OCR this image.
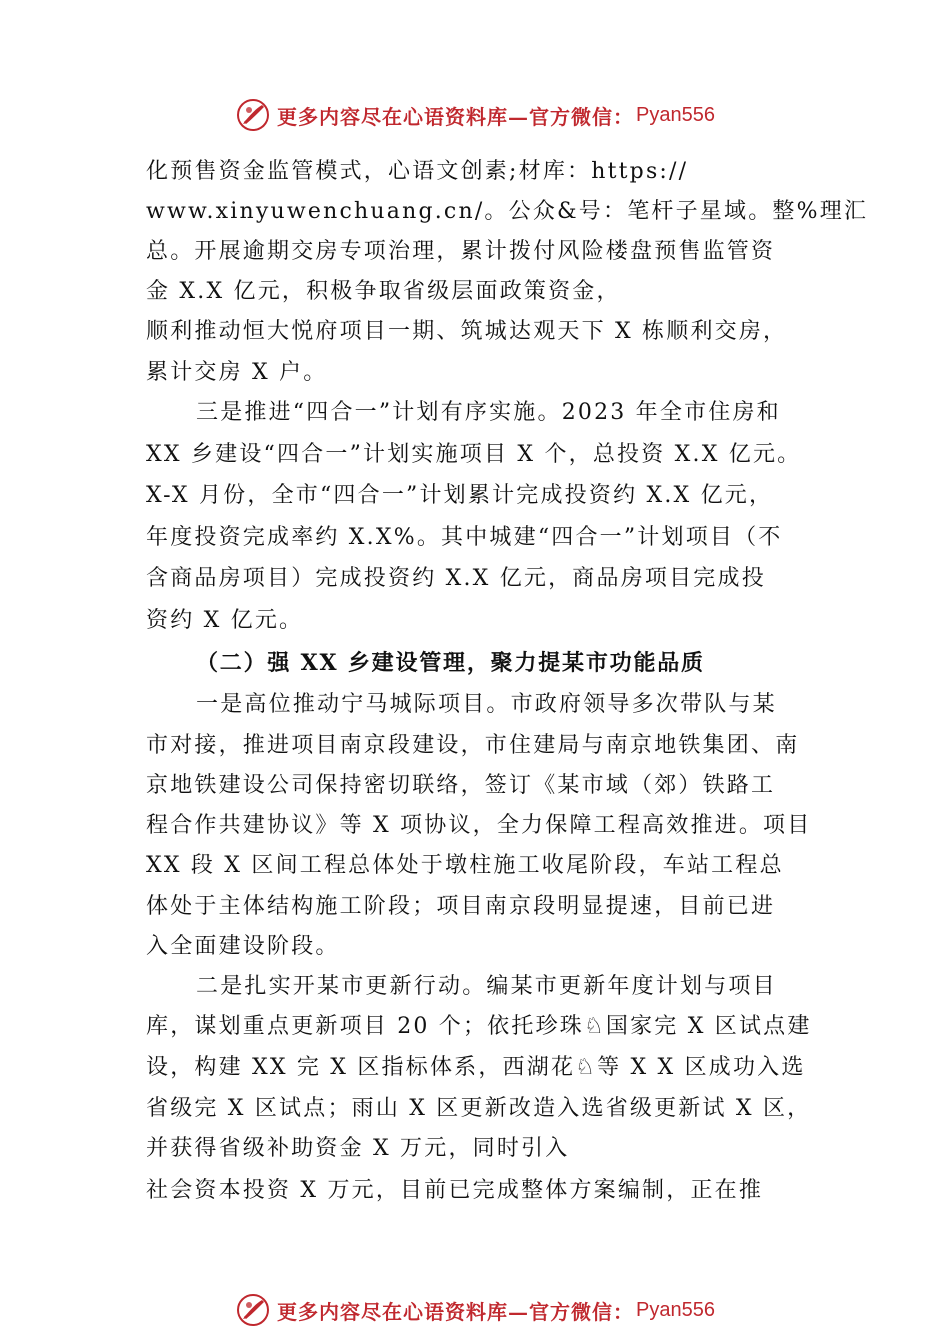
更多内容尽在心语资料库—官方微信： Pyan556
化预售资金监管模式，心语文创素;材库：https://
www.xinyuwenchuang.cn/。公众&号：笔杆子星域。整%理汇
总。开展逾期交房专项治理，累计拨付风险楼盘预售监管资
金 X.X 亿元，积极争取省级层面政策资金，
顺利推动恒大悦府项目一期、筑城达观天下 X 栋顺利交房，
累计交房 X 户。
三是推进“四合一”计划有序实施。2023 年全市住房和
XX 乡建设“四合一”计划实施项目 X 个，总投资 X.X 亿元。
X-X 月份，全市“四合一”计划累计完成投资约 X.X 亿元，
年度投资完成率约 X.X%。其中城建“四合一”计划项目（不
含商品房项目）完成投资约 X.X 亿元，商品房项目完成投
资约 X 亿元。
（二）强 XX 乡建设管理，聚力提某市功能品质
一是高位推动宁马城际项目。市政府领导多次带队与某
市对接，推进项目南京段建设，市住建局与南京地铁集团、南
京地铁建设公司保持密切联络，签订《某市域（郊）铁路工
程合作共建协议》等 X 项协议，全力保障工程高效推进。项目
XX 段 X 区间工程总体处于墩柱施工收尾阶段，车站工程总
体处于主体结构施工阶段；项目南京段明显提速，目前已进
入全面建设阶段。
二是扎实开某市更新行动。编某市更新年度计划与项目
库，谋划重点更新项目 20 个；依托珍珠♘国家完 X 区试点建
设，构建 XX 完 X 区指标体系，西湖花♘等 X X 区成功入选
省级完 X 区试点；雨山 X 区更新改造入选省级更新试 X 区，
并获得省级补助资金 X 万元，同时引入
社会资本投资 X 万元，目前已完成整体方案编制，正在推
更多内容尽在心语资料库—官方微信： Pyan556
